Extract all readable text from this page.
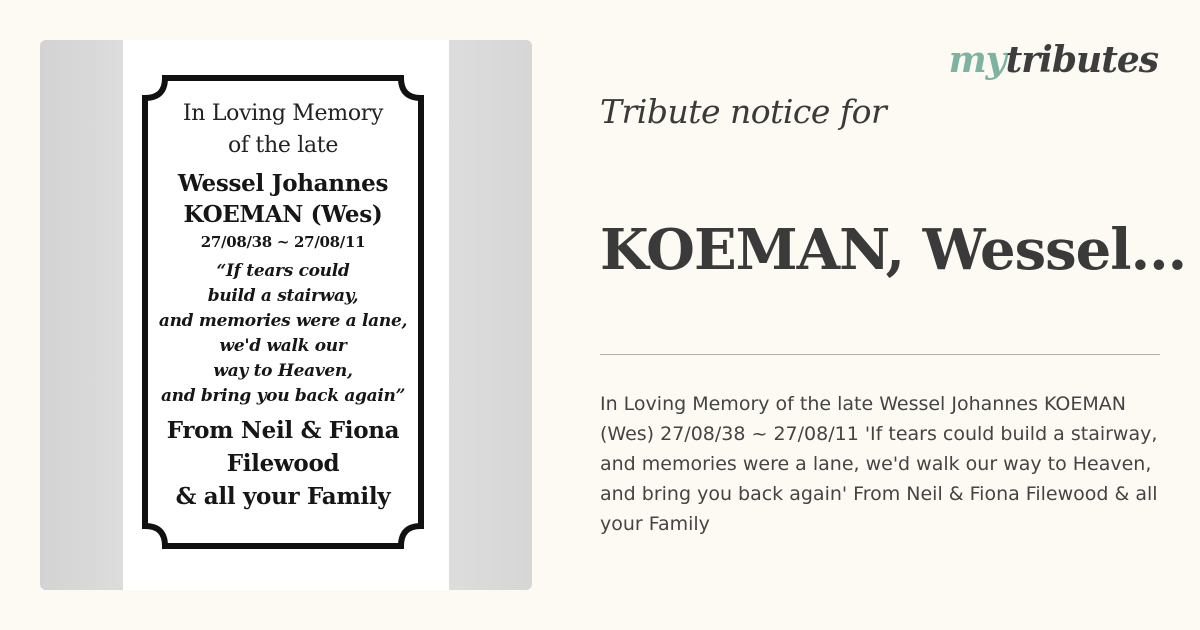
mytributes
In Loving Memory
of the late
Wessel Johannes
KOEMAN (Wes)
27/08/38 ~ 27/08/11
“If tears could
build a stairway,
and memories were a lane,
we'd walk our
way to Heaven,
and bring you back again”
From Neil & Fiona
Filewood
& all your Family
Tribute notice for
KOEMAN, Wessel...
In Loving Memory of the late Wessel Johannes KOEMAN (Wes) 27/08/38 ~ 27/08/11 'If tears could build a stairway, and memories were a lane, we'd walk our way to Heaven, and bring you back again' From Neil & Fiona Filewood & all your Family
